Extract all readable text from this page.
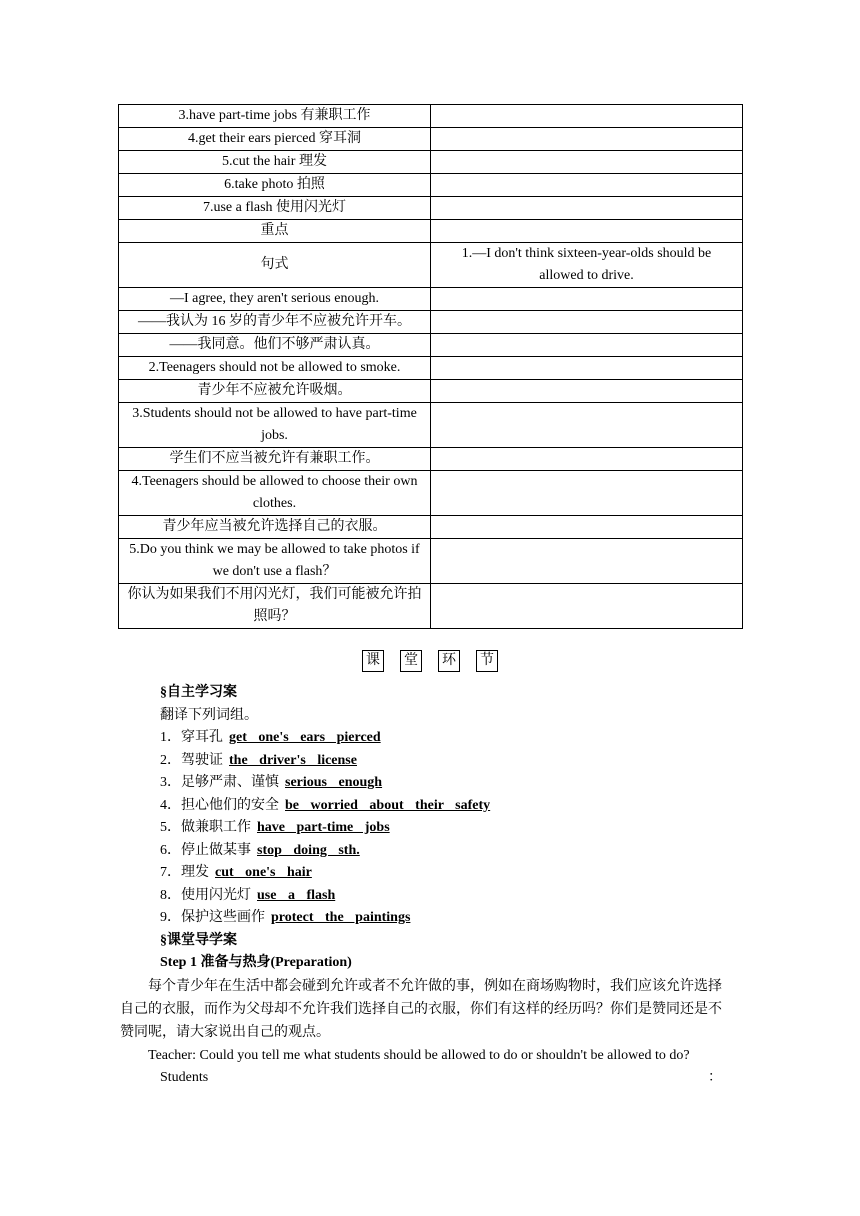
3.have part-time jobs 有兼职工作	
4.get their ears pierced 穿耳洞	
5.cut the hair 理发	
6.take photo 拍照	
7.use a flash 使用闪光灯	
重点	
句式	1.—I don't think sixteen-year-olds should be allowed to drive.
—I agree, they aren't serious enough.	
——我认为 16 岁的青少年不应被允许开车。	
——我同意。他们不够严肃认真。	
2.Teenagers should not be allowed to smoke.	
青少年不应被允许吸烟。	
3.Students should not be allowed to have part-time jobs.	
学生们不应当被允许有兼职工作。	
4.Teenagers should be allowed to choose their own clothes.	
青少年应当被允许选择自己的衣服。	
5.Do you think we may be allowed to take photos if we don't use a flash？	
你认为如果我们不用闪光灯，我们可能被允许拍照吗？	
课 堂 环 节
§自主学习案
翻译下列词组。
1．穿耳孔 get one's ears pierced
2．驾驶证 the driver's license
3．足够严肃、谨慎 serious enough
4．担心他们的安全 be worried about their safety
5．做兼职工作 have part-time jobs
6．停止做某事 stop doing sth.
7．理发 cut one's hair
8．使用闪光灯 use a flash
9．保护这些画作 protect the paintings
§课堂导学案
Step 1 准备与热身(Preparation)
每个青少年在生活中都会碰到允许或者不允许做的事，例如在商场购物时，我们应该允许选择自己的衣服，而作为父母却不允许我们选择自己的衣服，你们有这样的经历吗？你们是赞同还是不赞同呢，请大家说出自己的观点。
Teacher: Could you tell me what students should be allowed to do or shouldn't be allowed to do?
Students	：
